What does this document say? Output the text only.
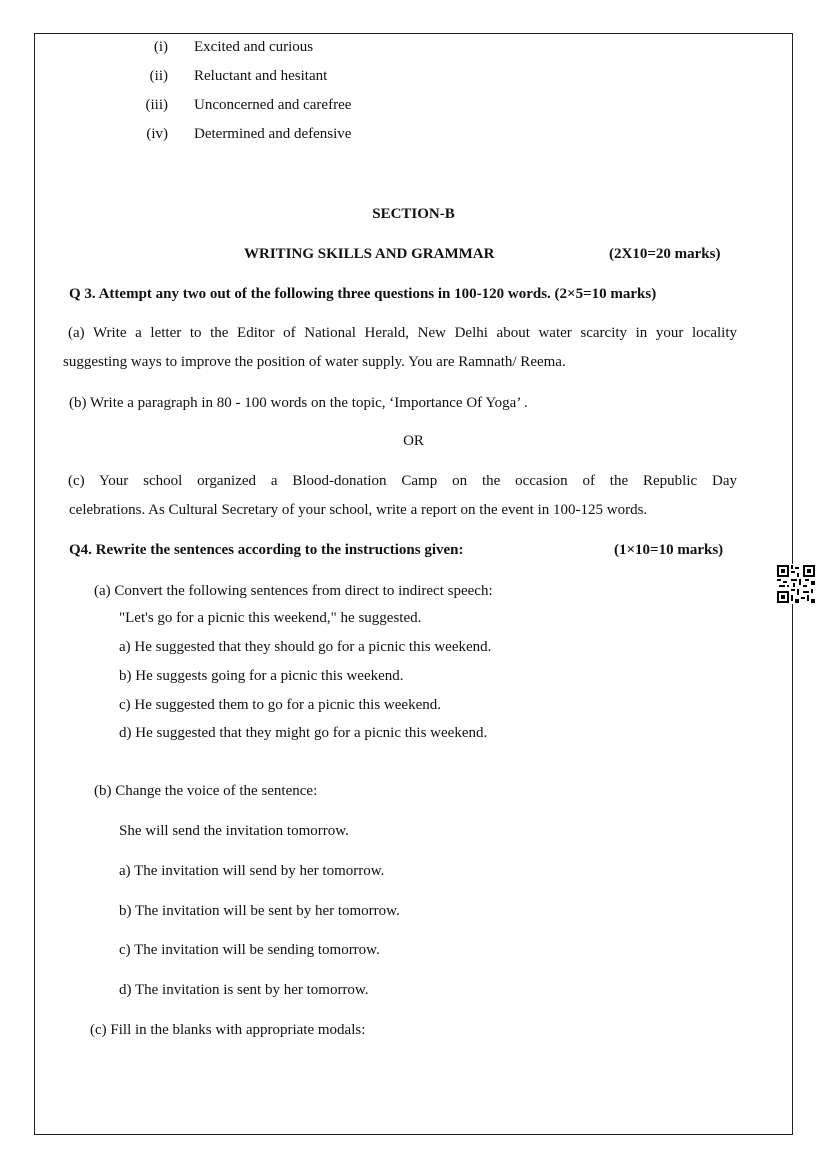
(i) Excited and curious
(ii) Reluctant and hesitant
(iii) Unconcerned and carefree
(iv) Determined and defensive
SECTION-B
WRITING SKILLS AND GRAMMAR	(2X10=20 marks)
Q 3. Attempt any two out of the following three questions in 100-120 words. (2×5=10 marks)
(a) Write a letter to the Editor of National Herald, New Delhi about water scarcity in your locality
suggesting ways to improve the position of water supply. You are Ramnath/ Reema.
(b) Write a paragraph in 80 - 100 words on the topic, ‘Importance Of Yoga’ .
OR
(c) Your school organized a Blood-donation Camp on the occasion of the Republic Day
celebrations. As Cultural Secretary of your school, write a report on the event in 100-125 words.
Q4. Rewrite the sentences according to the instructions given:	(1×10=10 marks)
(a) Convert the following sentences from direct to indirect speech:
"Let's go for a picnic this weekend," he suggested.
a) He suggested that they should go for a picnic this weekend.
b) He suggests going for a picnic this weekend.
c) He suggested them to go for a picnic this weekend.
d) He suggested that they might go for a picnic this weekend.
(b) Change the voice of the sentence:
She will send the invitation tomorrow.
a) The invitation will send by her tomorrow.
b) The invitation will be sent by her tomorrow.
c) The invitation will be sending tomorrow.
d) The invitation is sent by her tomorrow.
(c) Fill in the blanks with appropriate modals:
